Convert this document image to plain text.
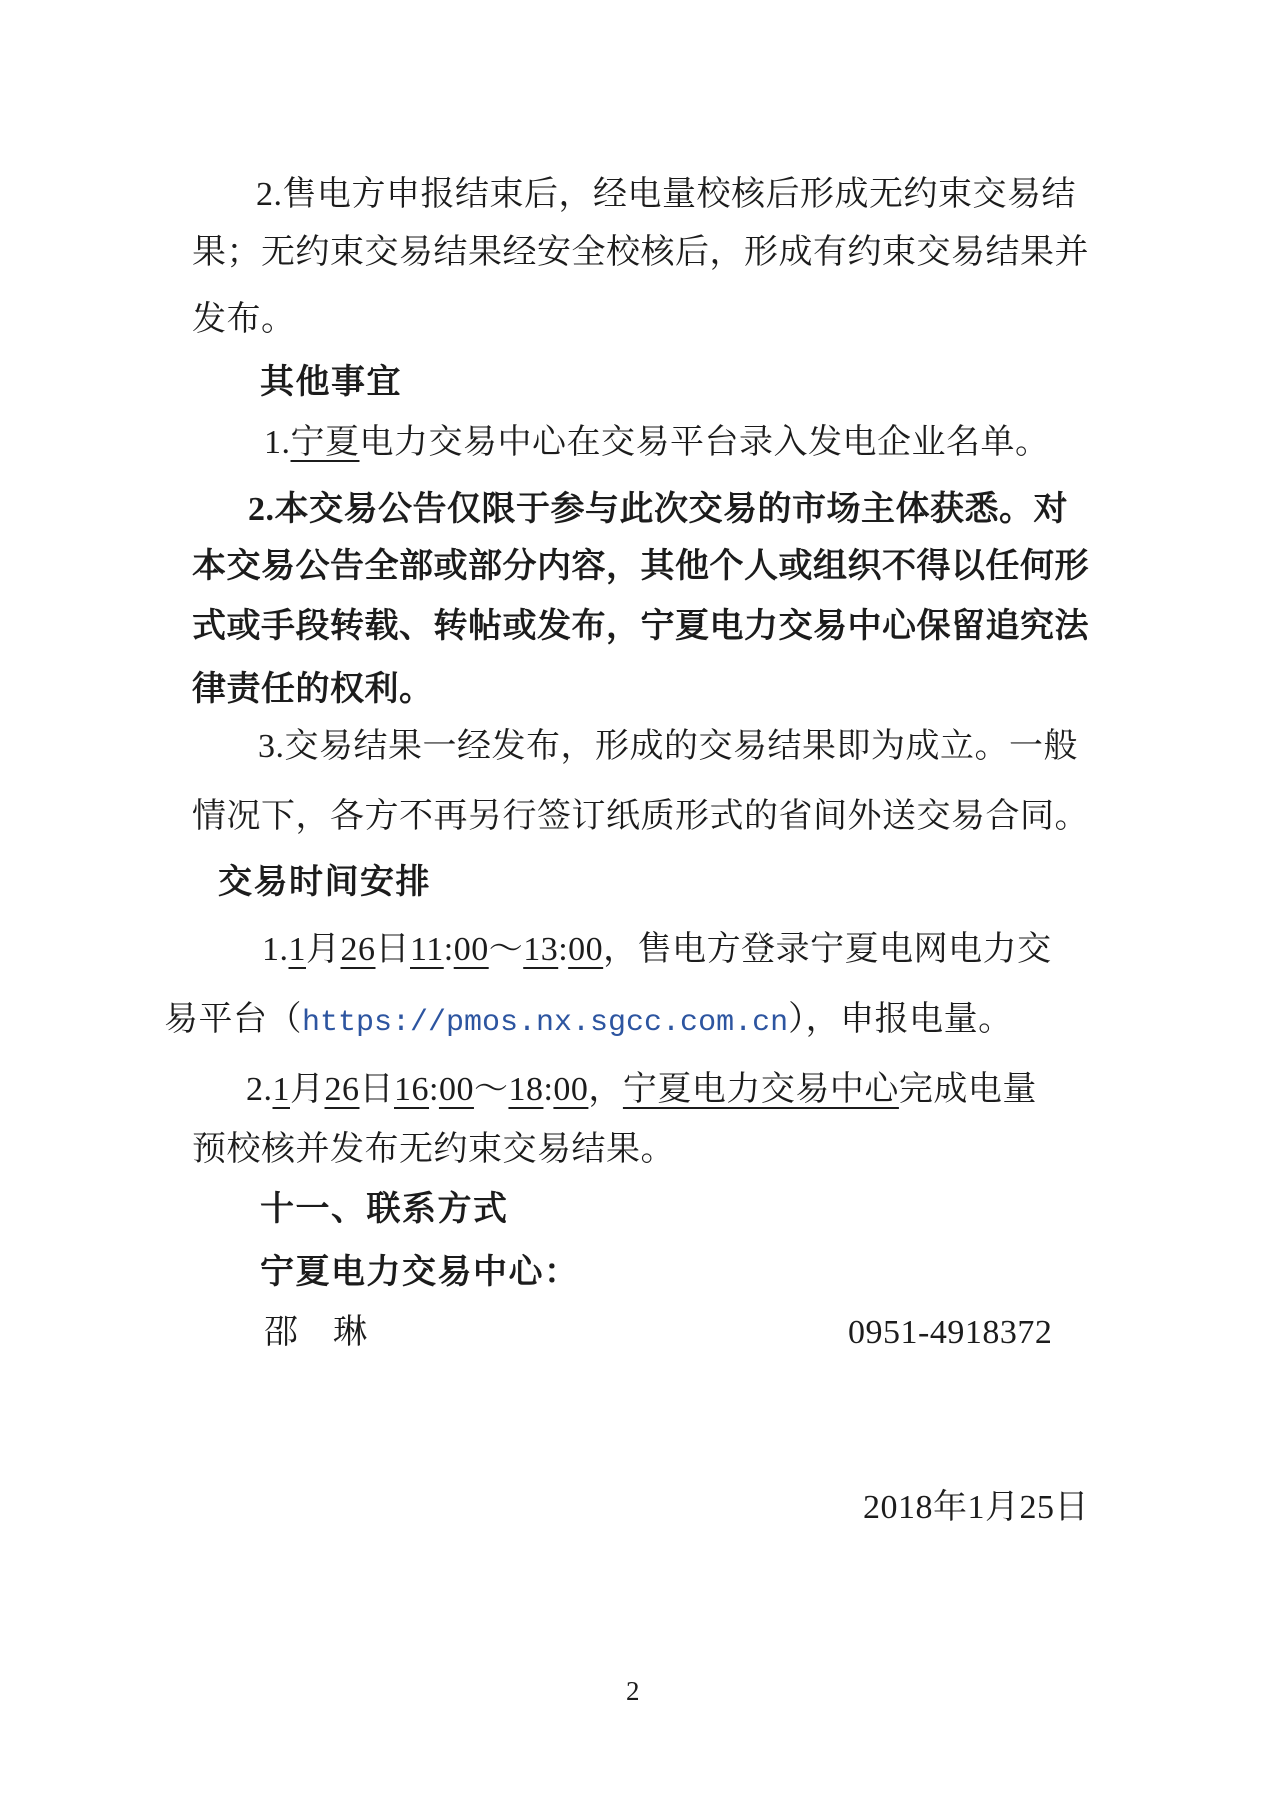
2
2.售电方申报结束后，经电量校核后形成无约束交易结
果；无约束交易结果经安全校核后，形成有约束交易结果并
发布。
其他事宜
1.宁夏电力交易中心在交易平台录入发电企业名单。
2.本交易公告仅限于参与此次交易的市场主体获悉。对
本交易公告全部或部分内容，其他个人或组织不得以任何形
式或手段转载、转帖或发布，宁夏电力交易中心保留追究法
律责任的权利。
3.交易结果一经发布，形成的交易结果即为成立。一般
情况下，各方不再另行签订纸质形式的省间外送交易合同。
交易时间安排
1.1月26日11:00～13:00，售电方登录宁夏电网电力交
易平台（https://pmos.nx.sgcc.com.cn），申报电量。
2.1月26日16:00～18:00，宁夏电力交易中心完成电量
预校核并发布无约束交易结果。
十一、联系方式
宁夏电力交易中心：
邵　琳	0951-4918372
2018年1月25日
